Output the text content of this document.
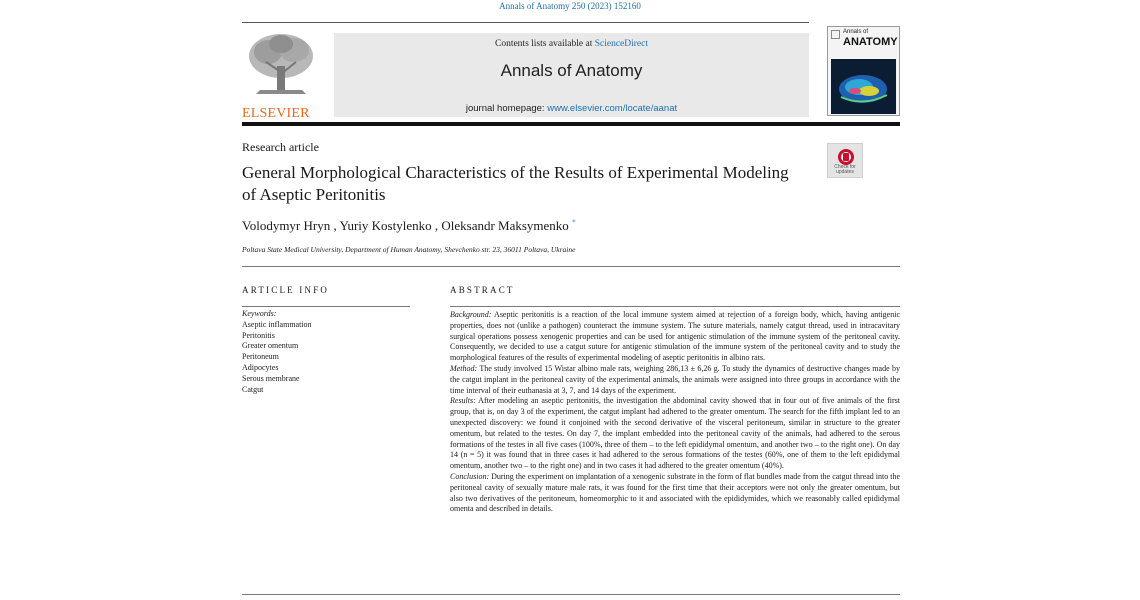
Annals of Anatomy 250 (2023) 152160
ELSEVIER
Contents lists available at ScienceDirect
Annals of Anatomy
journal homepage: www.elsevier.com/locate/aanat
Annals of
ANATOMY
Research article
General Morphological Characteristics of the Results of Experimental Modeling of Aseptic Peritonitis
Check for updates
Volodymyr Hryn , Yuriy Kostylenko , Oleksandr Maksymenko *
Poltava State Medical University, Department of Human Anatomy, Shevchenko str. 23, 36011 Poltava, Ukraine
ARTICLE INFO	ABSTRACT
Keywords:
Aseptic inflammation
Peritonitis
Greater omentum
Peritoneum
Adipocytes
Serous membrane
Catgut

Background: Aseptic peritonitis is a reaction of the local immune system aimed at rejection of a foreign body, which, having antigenic properties, does not (unlike a pathogen) counteract the immune system. The suture materials, namely catgut thread, used in intracavitary surgical operations possess xenogenic properties and can be used for antigenic stimulation of the immune system of the peritoneal cavity. Consequently, we decided to use a catgut suture for antigenic stimulation of the immune system of the peritoneal cavity and to study the morphological features of the results of experimental modeling of aseptic peritonitis in albino rats.

Method: The study involved 15 Wistar albino male rats, weighing 286,13 ± 6,26 g. To study the dynamics of destructive changes made by the catgut implant in the peritoneal cavity of the experimental animals, the animals were assigned into three groups in accordance with the time interval of their euthanasia at 3, 7, and 14 days of the experiment.

Results: After modeling an aseptic peritonitis, the investigation the abdominal cavity showed that in four out of five animals of the first group, that is, on day 3 of the experiment, the catgut implant had adhered to the greater omentum. The search for the fifth implant led to an unexpected discovery: we found it conjoined with the second derivative of the visceral peritoneum, similar in structure to the greater omentum, but related to the testes. On day 7, the implant embedded into the peritoneal cavity of the animals, had adhered to the serous formations of the testes in all five cases (100%, three of them – to the left epididymal omentum, and another two – to the right one). On day 14 (n = 5) it was found that in three cases it had adhered to the serous formations of the testes (60%, one of them to the left epididymal omentum, another two – to the right one) and in two cases it had adhered to the greater omentum (40%).

Conclusion: During the experiment on implantation of a xenogenic substrate in the form of flat bundles made from the catgut thread into the peritoneal cavity of sexually mature male rats, it was found for the first time that their acceptors were not only the greater omentum, but also two derivatives of the peritoneum, homeomorphic to it and associated with the epididymides, which we reasonably called epididymal omenta and described in details.
